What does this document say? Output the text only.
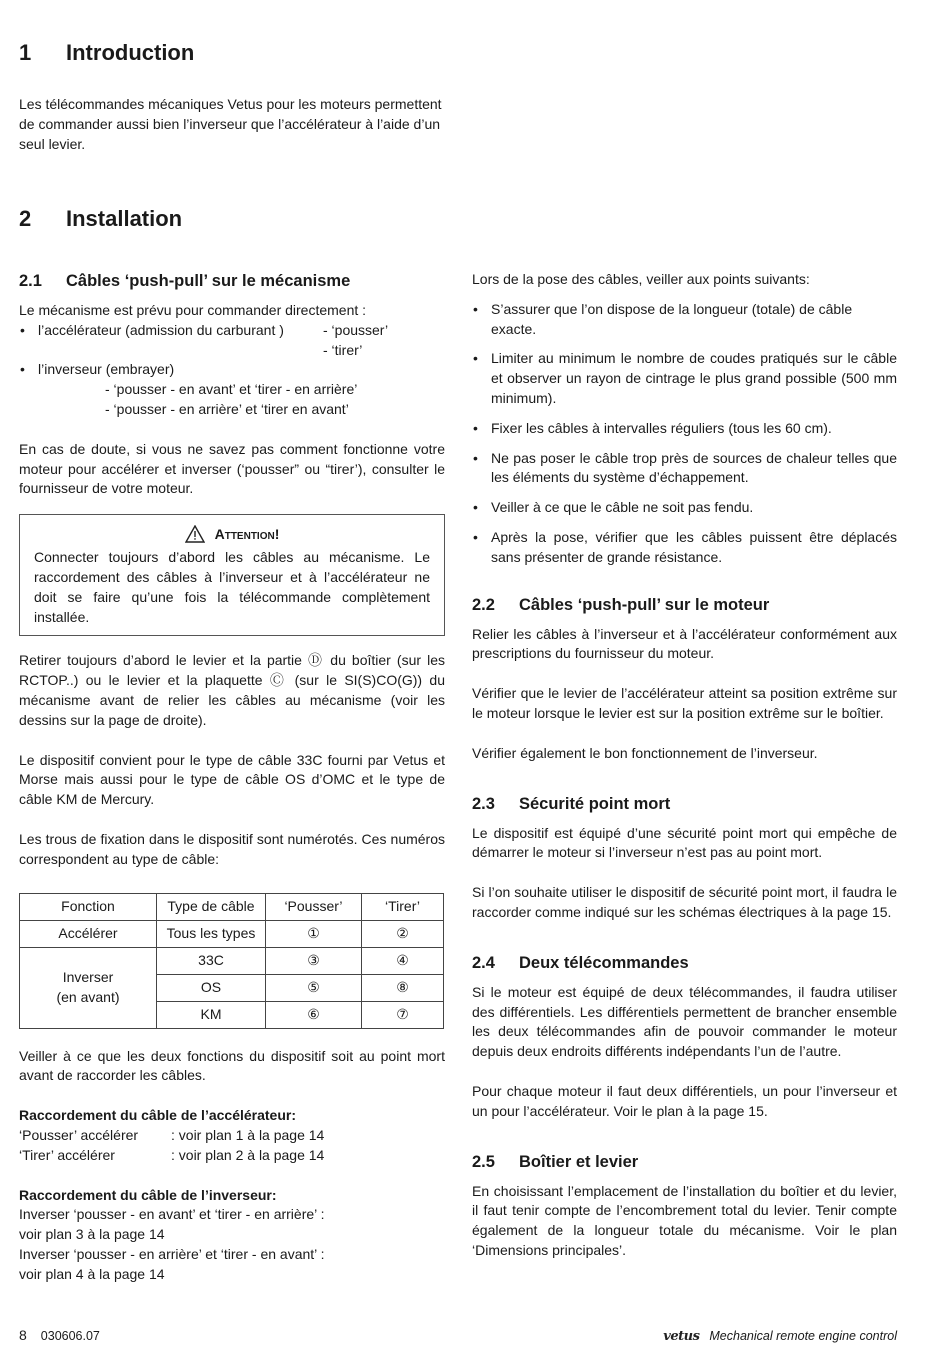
1 Introduction

Les télécommandes mécaniques Vetus pour les moteurs permettent de commander aussi bien l’inverseur que l’accélérateur à l’aide d’un seul levier.

2 Installation
2.1 Câbles ‘push-pull’ sur le mécanisme

Le mécanisme est prévu pour commander directement :

• l’accélérateur (admission du carburant )	- ‘pousser’
- ‘tirer’
• l’inverseur (embrayer)
- ‘pousser - en avant’ et ‘tirer - en arrière’
- ‘pousser - en arrière’ et ‘tirer en avant’

En cas de doute, si vous ne savez pas comment fonctionne votre moteur pour accélérer et inverser (‘pousser” ou “tirer’), consulter le fournisseur de votre moteur.

Attention!

Connecter toujours d’abord les câbles au mécanisme. Le raccordement des câbles à l’inverseur et à l’accélérateur ne doit se faire qu’une fois la télécommande complètement installée.

Retirer toujours d’abord le levier et la partie Ⓓ du boîtier (sur les RCTOP..) ou le levier et la plaquette Ⓒ (sur le SI(S)CO(G)) du mécanisme avant de relier les câbles au mécanisme (voir les dessins sur la page de droite).

Le dispositif convient pour le type de câble 33C fourni par Vetus et Morse mais aussi pour le type de câble OS d’OMC et le type de câble KM de Mercury.

Les trous de fixation dans le dispositif sont numérotés. Ces numéros correspondent au type de câble:

Fonction	Type de câble	‘Pousser’	‘Tirer’
Accélérer	Tous les types	①	②
Inverser
(en avant)	33C	③	④
	OS	⑤	⑧
	KM	⑥	⑦

Veiller à ce que les deux fonctions du dispositif soit au point mort avant de raccorder les câbles.

Raccordement du câble de l’accélérateur:

‘Pousser’ accélérer	: voir plan 1 à la page 14
‘Tirer’ accélérer	: voir plan 2 à la page 14

Raccordement du câble de l’inverseur:

Inverser ‘pousser - en avant’ et ‘tirer - en arrière’ :

voir plan 3 à la page 14

Inverser ‘pousser - en arrière’ et ‘tirer - en avant’ :

voir plan 4 à la page 14

Lors de la pose des câbles, veiller aux points suivants:

• S’assurer que l’on dispose de la longueur (totale) de câble exacte.
• Limiter au minimum le nombre de coudes pratiqués sur le câble et observer un rayon de cintrage le plus grand possible (500 mm minimum).
• Fixer les câbles à intervalles réguliers (tous les 60 cm).
• Ne pas poser le câble trop près de sources de chaleur telles que les éléments du système d’échappement.
• Veiller à ce que le câble ne soit pas fendu.
• Après la pose, vérifier que les câbles puissent être déplacés sans présenter de grande résistance.
2.2 Câbles ‘push-pull’ sur le moteur

Relier les câbles à l’inverseur et à l’accélérateur conformément aux prescriptions du fournisseur du moteur.

Vérifier que le levier de l’accélérateur atteint sa position extrême sur le moteur lorsque le levier est sur la position extrême sur le boîtier.

Vérifier également le bon fonctionnement de l’inverseur.

2.3 Sécurité point mort

Le dispositif est équipé d’une sécurité point mort qui empêche de démarrer le moteur si l’inverseur n’est pas au point mort.

Si l’on souhaite utiliser le dispositif de sécurité point mort, il faudra le raccorder comme indiqué sur les schémas électriques à la page 15.

2.4 Deux télécommandes

Si le moteur est équipé de deux télécommandes, il faudra utiliser des différentiels. Les différentiels permettent de brancher ensemble les deux télécommandes afin de pouvoir commander le moteur depuis deux endroits différents indépendants l’un de l’autre.

Pour chaque moteur il faut deux différentiels, un pour l’inverseur et un pour l’accélérateur. Voir le plan à la page 15.

2.5 Boîtier et levier

En choisissant l’emplacement de l’installation du boîtier et du levier, il faut tenir compte de l’encombrement total du levier. Tenir compte également de la longueur totale du mécanisme. Voir le plan ‘Dimensions principales’.

8 030606.07	vetus Mechanical remote engine control
